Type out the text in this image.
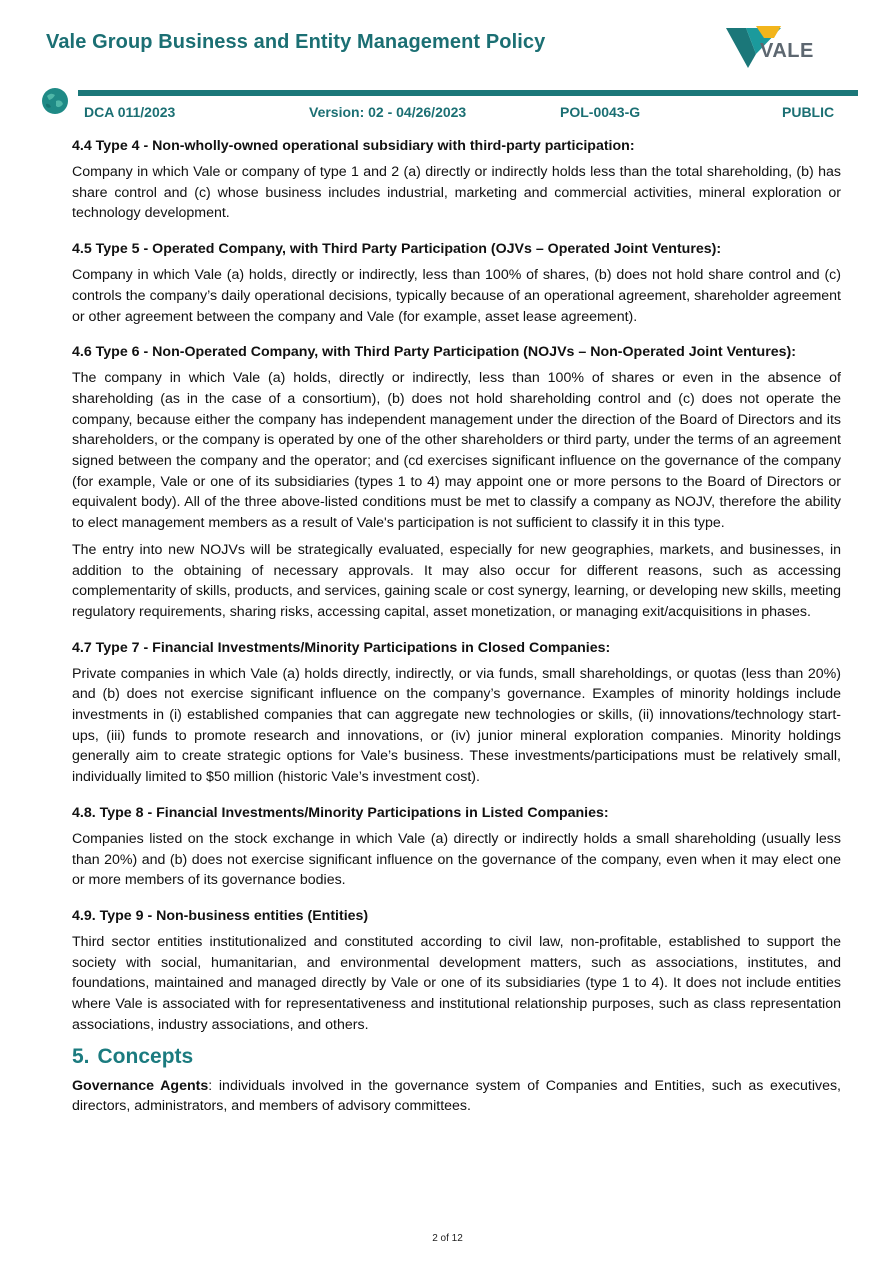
Vale Group Business and Entity Management Policy	VALE
DCA 011/2023	Version: 02 - 04/26/2023	POL-0043-G	PUBLIC
4.4 Type 4 - Non-wholly-owned operational subsidiary with third-party participation:
Company in which Vale or company of type 1 and 2 (a) directly or indirectly holds less than the total shareholding, (b) has share control and (c) whose business includes industrial, marketing and commercial activities, mineral exploration or technology development.
4.5 Type 5 - Operated Company, with Third Party Participation (OJVs – Operated Joint Ventures):
Company in which Vale (a) holds, directly or indirectly, less than 100% of shares, (b) does not hold share control and (c) controls the company’s daily operational decisions, typically because of an operational agreement, shareholder agreement or other agreement between the company and Vale (for example, asset lease agreement).
4.6 Type 6 - Non-Operated Company, with Third Party Participation (NOJVs – Non-Operated Joint Ventures):
The company in which Vale (a) holds, directly or indirectly, less than 100% of shares or even in the absence of shareholding (as in the case of a consortium), (b) does not hold shareholding control and (c) does not operate the company, because either the company has independent management under the direction of the Board of Directors and its shareholders, or the company is operated by one of the other shareholders or third party, under the terms of an agreement signed between the company and the operator; and (cd exercises significant influence on the governance of the company (for example, Vale or one of its subsidiaries (types 1 to 4) may appoint one or more persons to the Board of Directors or equivalent body). All of the three above-listed conditions must be met to classify a company as NOJV, therefore the ability to elect management members as a result of Vale's participation is not sufficient to classify it in this type.
The entry into new NOJVs will be strategically evaluated, especially for new geographies, markets, and businesses, in addition to the obtaining of necessary approvals. It may also occur for different reasons, such as accessing complementarity of skills, products, and services, gaining scale or cost synergy, learning, or developing new skills, meeting regulatory requirements, sharing risks, accessing capital, asset monetization, or managing exit/acquisitions in phases.
4.7 Type 7 - Financial Investments/Minority Participations in Closed Companies:
Private companies in which Vale (a) holds directly, indirectly, or via funds, small shareholdings, or quotas (less than 20%) and (b) does not exercise significant influence on the company’s governance. Examples of minority holdings include investments in (i) established companies that can aggregate new technologies or skills, (ii) innovations/technology start-ups, (iii) funds to promote research and innovations, or (iv) junior mineral exploration companies. Minority holdings generally aim to create strategic options for Vale’s business. These investments/participations must be relatively small, individually limited to $50 million (historic Vale’s investment cost).
4.8. Type 8 - Financial Investments/Minority Participations in Listed Companies:
Companies listed on the stock exchange in which Vale (a) directly or indirectly holds a small shareholding (usually less than 20%) and (b) does not exercise significant influence on the governance of the company, even when it may elect one or more members of its governance bodies.
4.9. Type 9 - Non-business entities (Entities)
Third sector entities institutionalized and constituted according to civil law, non-profitable, established to support the society with social, humanitarian, and environmental development matters, such as associations, institutes, and foundations, maintained and managed directly by Vale or one of its subsidiaries (type 1 to 4). It does not include entities where Vale is associated with for representativeness and institutional relationship purposes, such as class representation associations, industry associations, and others.
5. Concepts
Governance Agents: individuals involved in the governance system of Companies and Entities, such as executives, directors, administrators, and members of advisory committees.
2 of 12
